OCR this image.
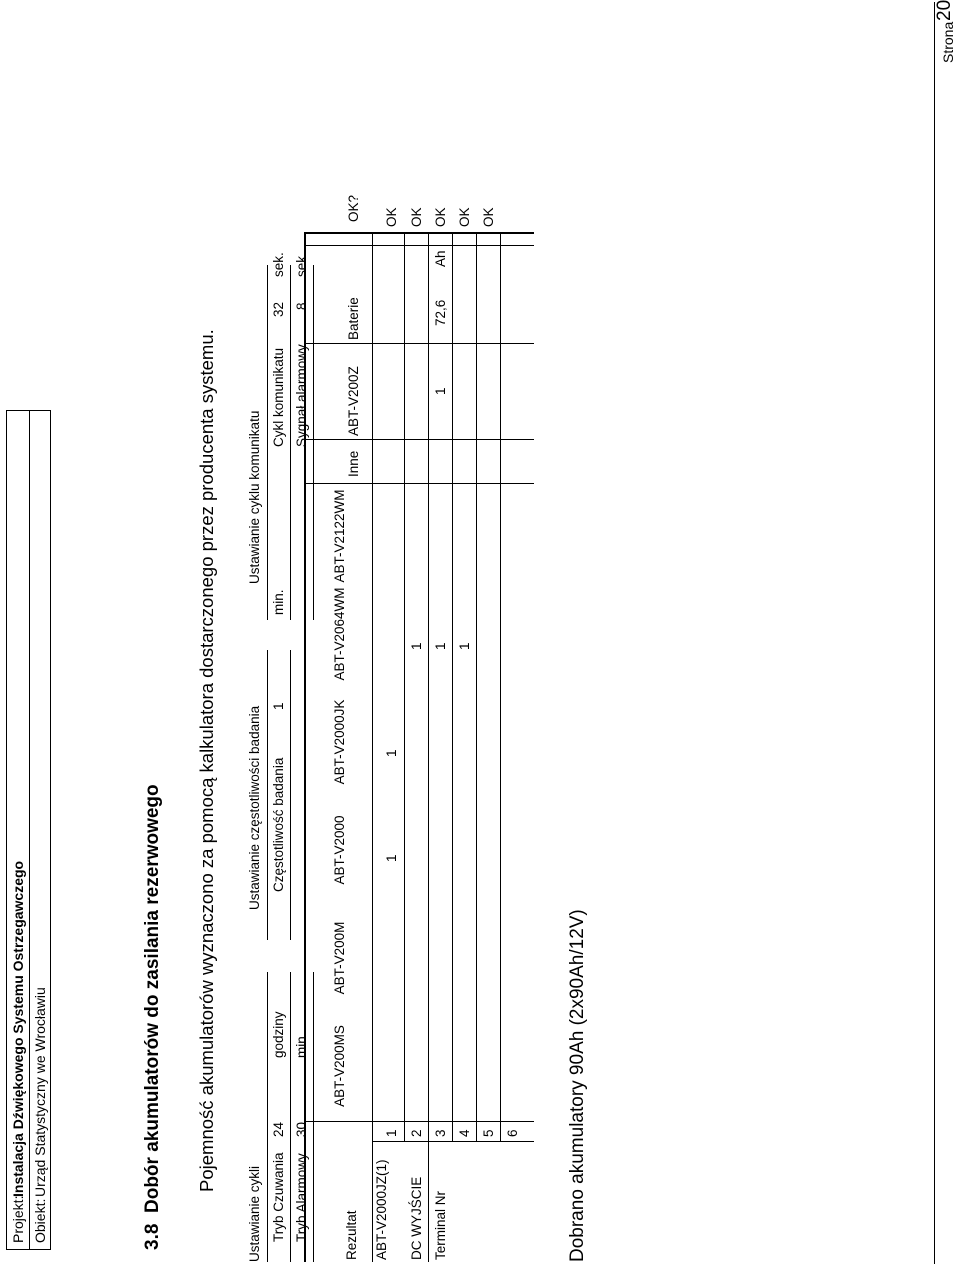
Projekt:
Instalacja Dźwiękowego Systemu Ostrzegawczego
Obiekt:
Urząd Statystyczny we Wrocławiu
3.8
Dobór akumulatorów do zasilania rezerwowego Pojemność akumulatorów wyznaczono za pomocą kalkulatora dostarczonego przez producenta systemu.
Ustawianie cykli
Ustawianie częstotliwości badania
Ustawianie cyklu komunikatu
Tryb Czuwania
24
godziny
Tryb Alarmowy
30
min.
Częstotliwość badania
1
min.
Cykl komunikatu
32
sek.
Sygnał alarmowy
8
sek.
Rezultat
ABT-V200MS
ABT-V200M
ABT-V2000
ABT-V2000JK
ABT-V2064WM
ABT-V2122WM
Inne
ABT-V200Z
Baterie
OK?
ABT-V2000JZ(1) DC WYJŚCIE Terminal Nr
1 2 3 4 5 6
1
1
OK
1
OK
1
1
72,6
Ah
OK
1
OK OK
Dobrano akumulatory 90Ah (2x90Ah/12V)
Strona
20
